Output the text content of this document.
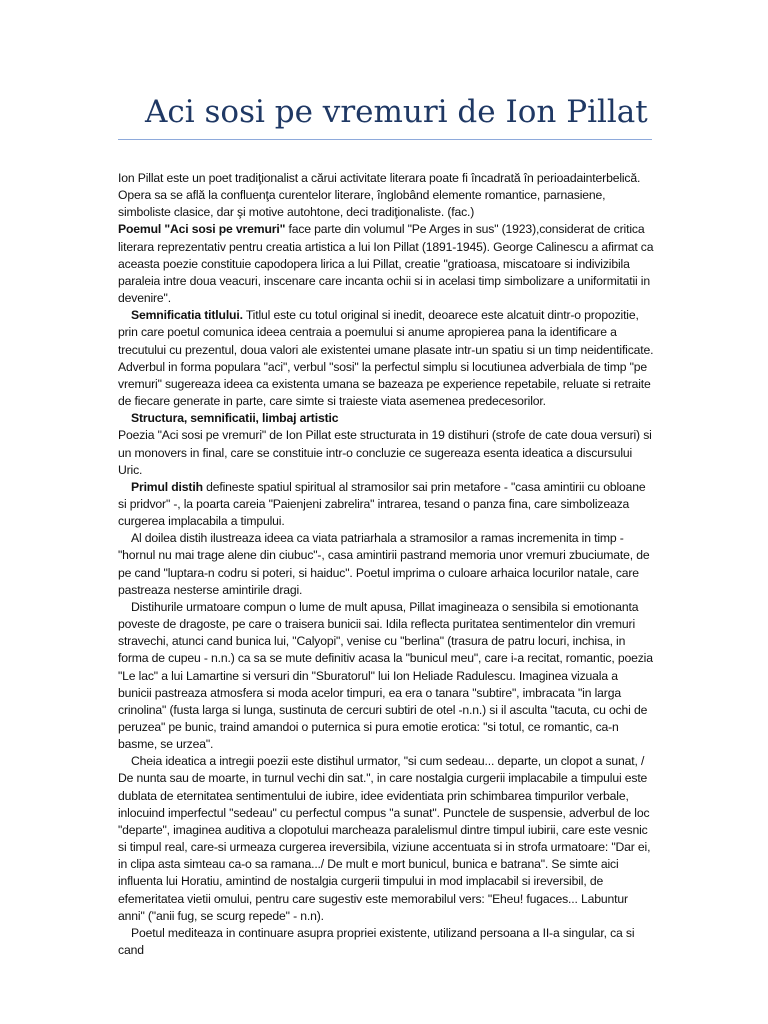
Aci sosi pe vremuri de Ion Pillat

Ion Pillat este un poet tradiţionalist a cărui activitate literara poate fi încadrată în perioadainterbelică. Opera sa se află la confluenţa curentelor literare, înglobând elemente romantice, parnasiene, simboliste clasice, dar şi motive autohtone, deci tradiţionaliste. (fac.)

Poemul "Aci sosi pe vremuri" face parte din volumul "Pe Arges in sus" (1923),considerat de critica literara reprezentativ pentru creatia artistica a lui Ion Pillat (1891-1945). George Calinescu a afirmat ca aceasta poezie constituie capodopera lirica a lui Pillat, creatie "gratioasa, miscatoare si indivizibila paraleia intre doua veacuri, inscenare care incanta ochii si in acelasi timp simbolizare a uniformitatii in devenire".

Semnificatia titlului. Titlul este cu totul original si inedit, deoarece este alcatuit dintr-o propozitie, prin care poetul comunica ideea centraia a poemului si anume apropierea pana la identificare a trecutului cu prezentul, doua valori ale existentei umane plasate intr-un spatiu si un timp neidentificate. Adverbul in forma populara "aci", verbul "sosi" la perfectul simplu si locutiunea adverbiala de timp "pe vremuri" sugereaza ideea ca existenta umana se bazeaza pe experience repetabile, reluate si retraite de fiecare generate in parte, care simte si traieste viata asemenea predecesorilor.

Structura, semnificatii, limbaj artistic

Poezia "Aci sosi pe vremuri" de Ion Pillat este structurata in 19 distihuri (strofe de cate doua versuri) si un monovers in final, care se constituie intr-o concluzie ce sugereaza esenta ideatica a discursului Uric.

Primul distih defineste spatiul spiritual al stramosilor sai prin metafore - "casa amintirii cu obloane si pridvor" -, la poarta careia "Paienjeni zabrelira" intrarea, tesand o panza fina, care simbolizeaza curgerea implacabila a timpului.

Al doilea distih ilustreaza ideea ca viata patriarhala a stramosilor a ramas incremenita in timp - "hornul nu mai trage alene din ciubuc"-, casa amintirii pastrand memoria unor vremuri zbuciumate, de pe cand "luptara-n codru si poteri, si haiduc". Poetul imprima o culoare arhaica locurilor natale, care pastreaza nesterse amintirile dragi.

Distihurile urmatoare compun o lume de mult apusa, Pillat imagineaza o sensibila si emotionanta poveste de dragoste, pe care o traisera bunicii sai. Idila reflecta puritatea sentimentelor din vremuri stravechi, atunci cand bunica lui, "Calyopi", venise cu "berlina" (trasura de patru locuri, inchisa, in forma de cupeu - n.n.) ca sa se mute definitiv acasa la "bunicul meu", care i-a recitat, romantic, poezia "Le lac" a lui Lamartine si versuri din "Sburatorul" lui Ion Heliade Radulescu. Imaginea vizuala a bunicii pastreaza atmosfera si moda acelor timpuri, ea era o tanara "subtire", imbracata "in larga crinolina" (fusta larga si lunga, sustinuta de cercuri subtiri de otel -n.n.) si il asculta "tacuta, cu ochi de peruzea" pe bunic, traind amandoi o puternica si pura emotie erotica: "si totul, ce romantic, ca-n basme, se urzea".

Cheia ideatica a intregii poezii este distihul urmator, "si cum sedeau... departe, un clopot a sunat, / De nunta sau de moarte, in turnul vechi din sat.", in care nostalgia curgerii implacabile a timpului este dublata de eternitatea sentimentului de iubire, idee evidentiata prin schimbarea timpurilor verbale, inlocuind imperfectul "sedeau" cu perfectul compus "a sunat". Punctele de suspensie, adverbul de loc "departe", imaginea auditiva a clopotului marcheaza paralelismul dintre timpul iubirii, care este vesnic si timpul real, care-si urmeaza curgerea ireversibila, viziune accentuata si in strofa urmatoare: "Dar ei, in clipa asta simteau ca-o sa ramana.../ De mult e mort bunicul, bunica e batrana". Se simte aici influenta lui Horatiu, amintind de nostalgia curgerii timpului in mod implacabil si ireversibil, de efemeritatea vietii omului, pentru care sugestiv este memorabilul vers: "Eheu! fugaces... Labuntur anni" ("anii fug, se scurg repede" - n.n).

Poetul mediteaza in continuare asupra propriei existente, utilizand persoana a II-a singular, ca si cand
